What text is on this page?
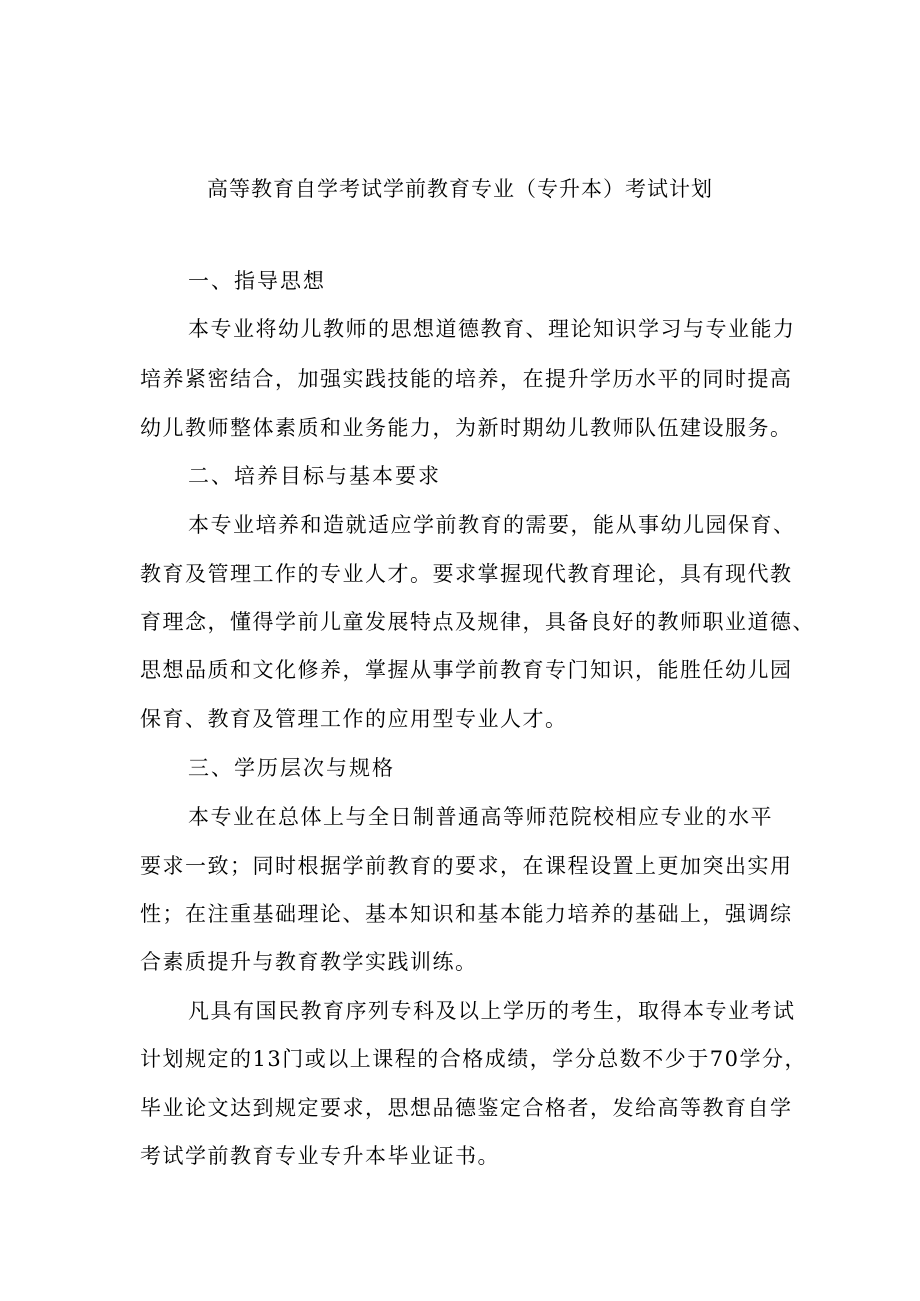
高等教育自学考试学前教育专业（专升本）考试计划
一、指导思想
本专业将幼儿教师的思想道德教育、理论知识学习与专业能力
培养紧密结合，加强实践技能的培养，在提升学历水平的同时提高
幼儿教师整体素质和业务能力，为新时期幼儿教师队伍建设服务。
二、培养目标与基本要求
本专业培养和造就适应学前教育的需要，能从事幼儿园保育、
教育及管理工作的专业人才。要求掌握现代教育理论，具有现代教
育理念，懂得学前儿童发展特点及规律，具备良好的教师职业道德、
思想品质和文化修养，掌握从事学前教育专门知识，能胜任幼儿园
保育、教育及管理工作的应用型专业人才。
三、学历层次与规格
本专业在总体上与全日制普通高等师范院校相应专业的水平
要求一致；同时根据学前教育的要求，在课程设置上更加突出实用
性；在注重基础理论、基本知识和基本能力培养的基础上，强调综
合素质提升与教育教学实践训练。
凡具有国民教育序列专科及以上学历的考生，取得本专业考试
计划规定的13门或以上课程的合格成绩，学分总数不少于70学分，
毕业论文达到规定要求，思想品德鉴定合格者，发给高等教育自学
考试学前教育专业专升本毕业证书。
